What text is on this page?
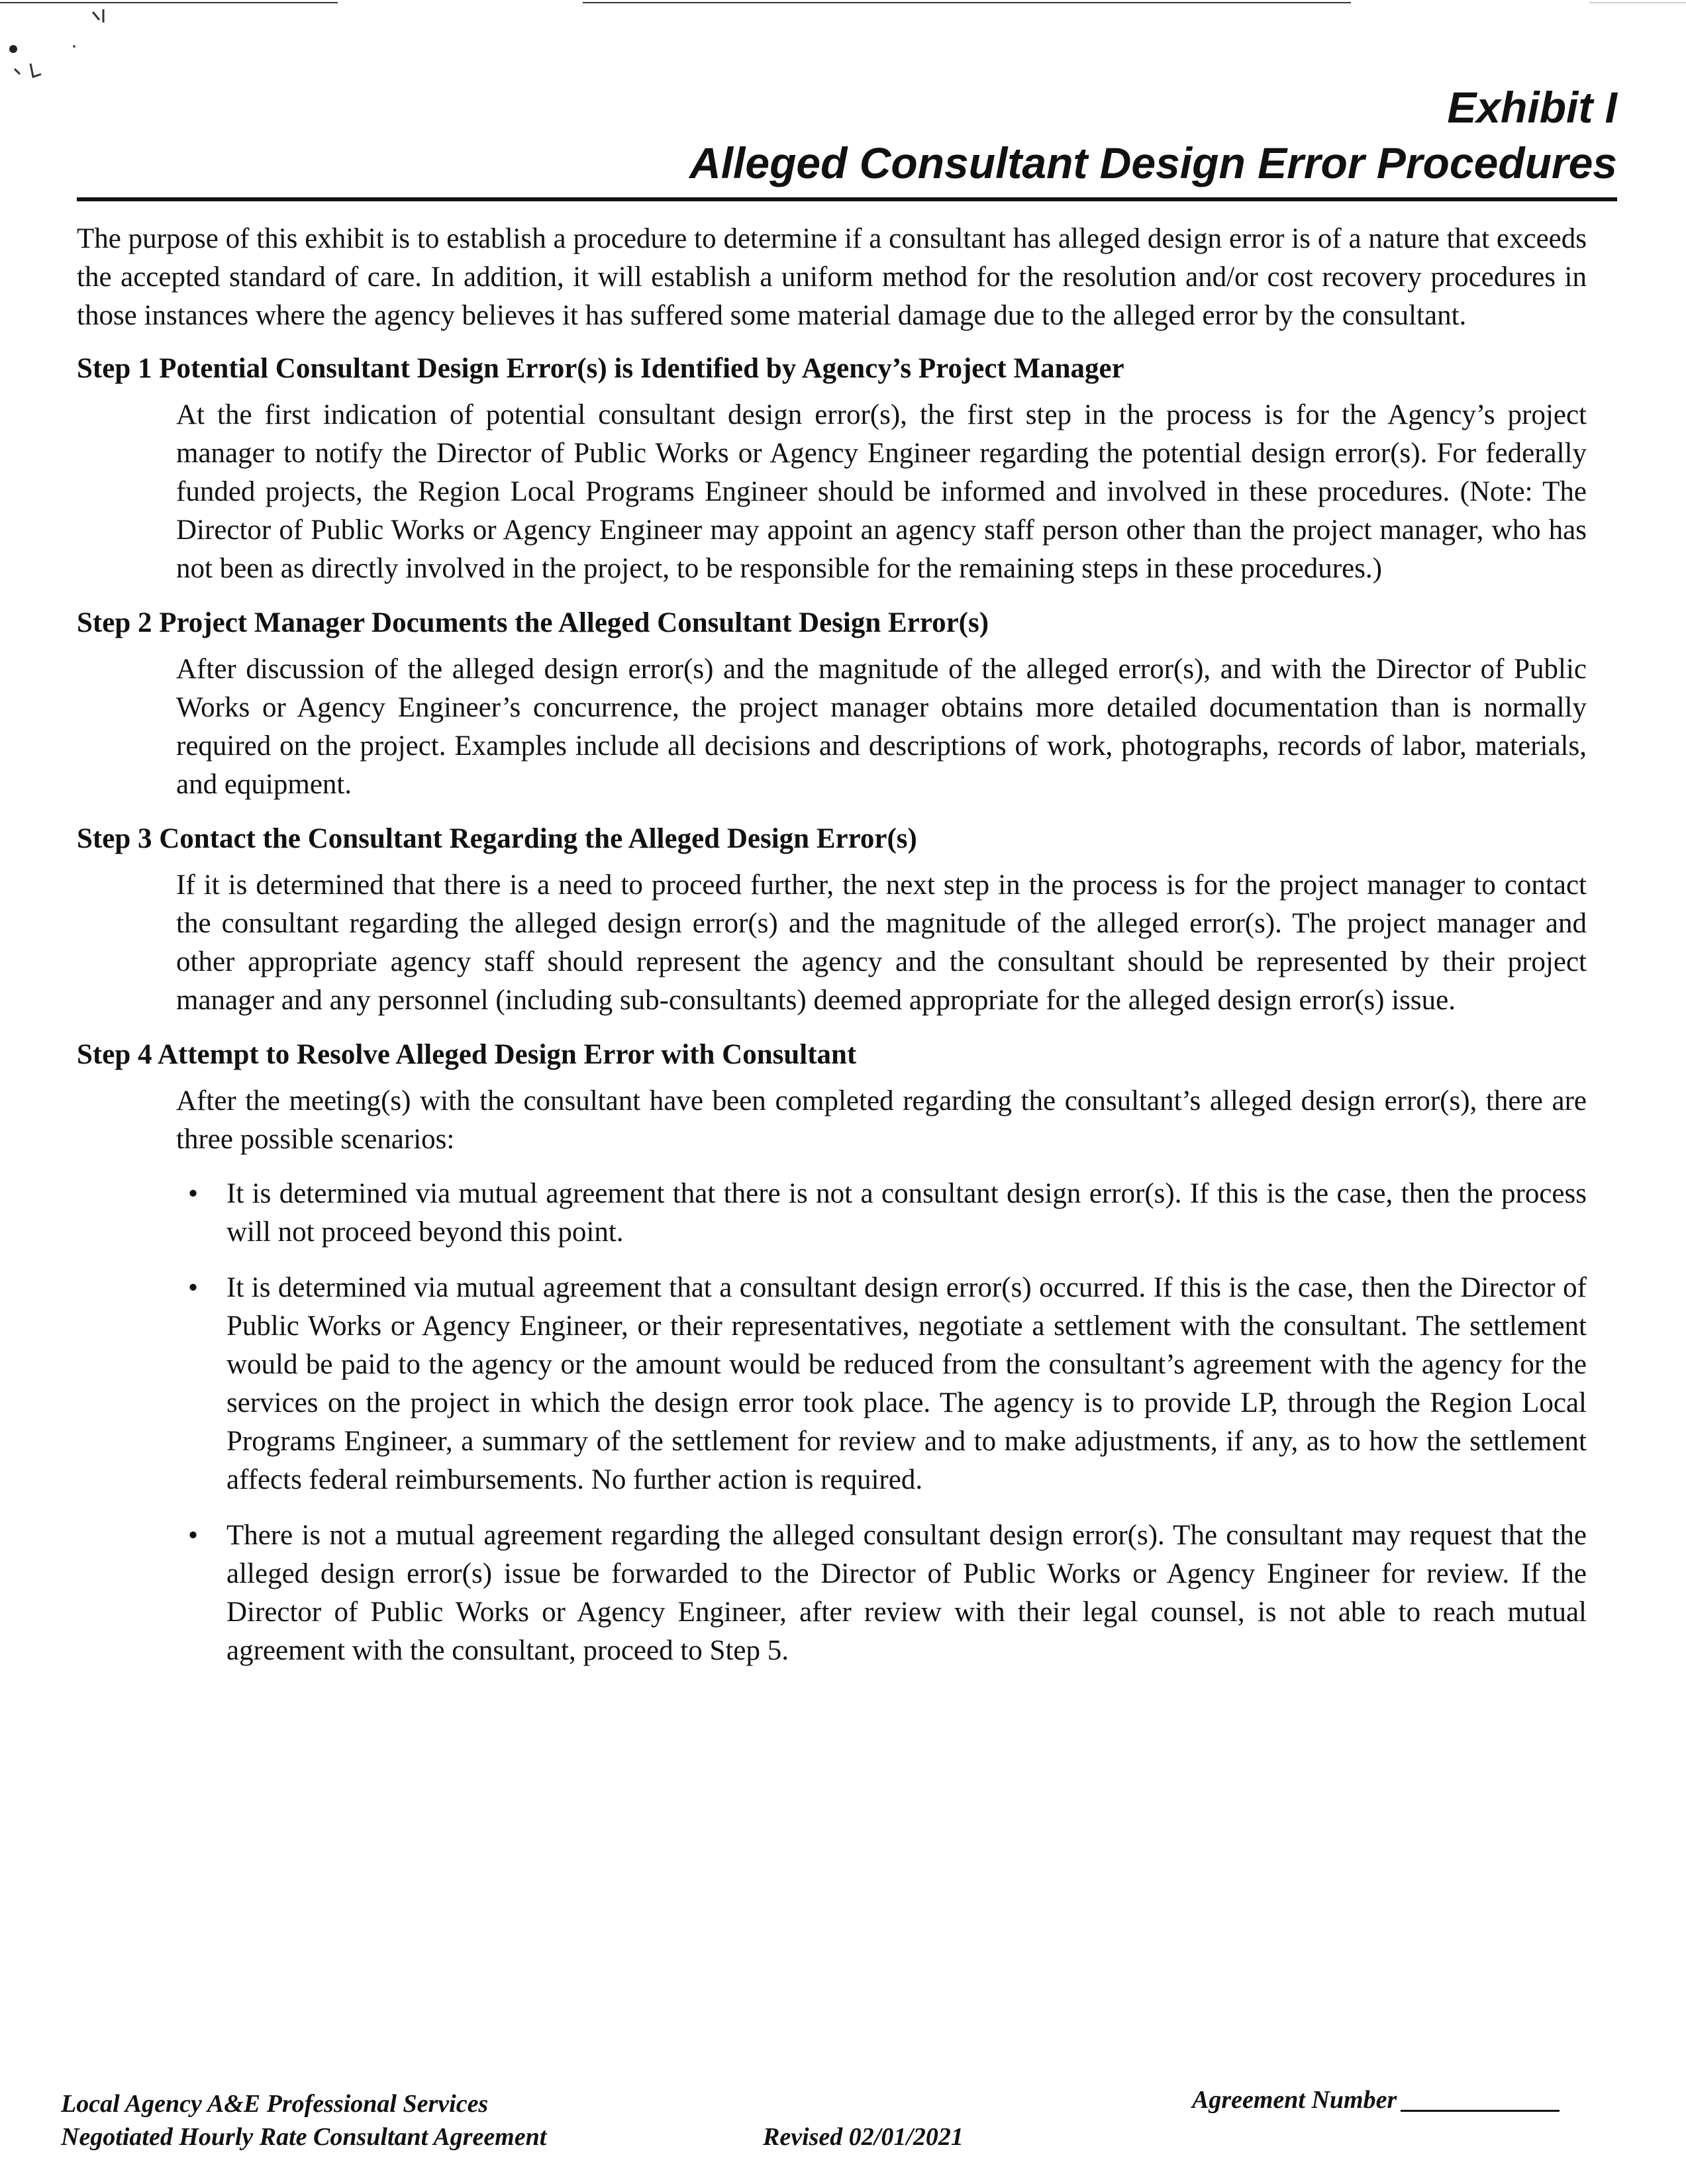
Exhibit I

Alleged Consultant Design Error Procedures

The purpose of this exhibit is to establish a procedure to determine if a consultant has alleged design error is of a nature that exceeds the accepted standard of care. In addition, it will establish a uniform method for the resolution and/or cost recovery procedures in those instances where the agency believes it has suffered some material damage due to the alleged error by the consultant.

Step 1 Potential Consultant Design Error(s) is Identified by Agency’s Project Manager

At the first indication of potential consultant design error(s), the first step in the process is for the Agency’s project manager to notify the Director of Public Works or Agency Engineer regarding the potential design error(s). For federally funded projects, the Region Local Programs Engineer should be informed and involved in these procedures. (Note: The Director of Public Works or Agency Engineer may appoint an agency staff person other than the project manager, who has not been as directly involved in the project, to be responsible for the remaining steps in these procedures.)

Step 2 Project Manager Documents the Alleged Consultant Design Error(s)

After discussion of the alleged design error(s) and the magnitude of the alleged error(s), and with the Director of Public Works or Agency Engineer’s concurrence, the project manager obtains more detailed documentation than is normally required on the project. Examples include all decisions and descriptions of work, photographs, records of labor, materials, and equipment.

Step 3 Contact the Consultant Regarding the Alleged Design Error(s)

If it is determined that there is a need to proceed further, the next step in the process is for the project manager to contact the consultant regarding the alleged design error(s) and the magnitude of the alleged error(s). The project manager and other appropriate agency staff should represent the agency and the consultant should be represented by their project manager and any personnel (including sub-consultants) deemed appropriate for the alleged design error(s) issue.

Step 4 Attempt to Resolve Alleged Design Error with Consultant

After the meeting(s) with the consultant have been completed regarding the consultant’s alleged design error(s), there are three possible scenarios:

• It is determined via mutual agreement that there is not a consultant design error(s). If this is the case, then the process will not proceed beyond this point.
• It is determined via mutual agreement that a consultant design error(s) occurred. If this is the case, then the Director of Public Works or Agency Engineer, or their representatives, negotiate a settlement with the consultant. The settlement would be paid to the agency or the amount would be reduced from the consultant’s agreement with the agency for the services on the project in which the design error took place. The agency is to provide LP, through the Region Local Programs Engineer, a summary of the settlement for review and to make adjustments, if any, as to how the settlement affects federal reimbursements. No further action is required.
• There is not a mutual agreement regarding the alleged consultant design error(s). The consultant may request that the alleged design error(s) issue be forwarded to the Director of Public Works or Agency Engineer for review. If the Director of Public Works or Agency Engineer, after review with their legal counsel, is not able to reach mutual agreement with the consultant, proceed to Step 5.
Local Agency A&E Professional Services
Negotiated Hourly Rate Consultant Agreement	Revised 02/01/2021
Agreement Number
